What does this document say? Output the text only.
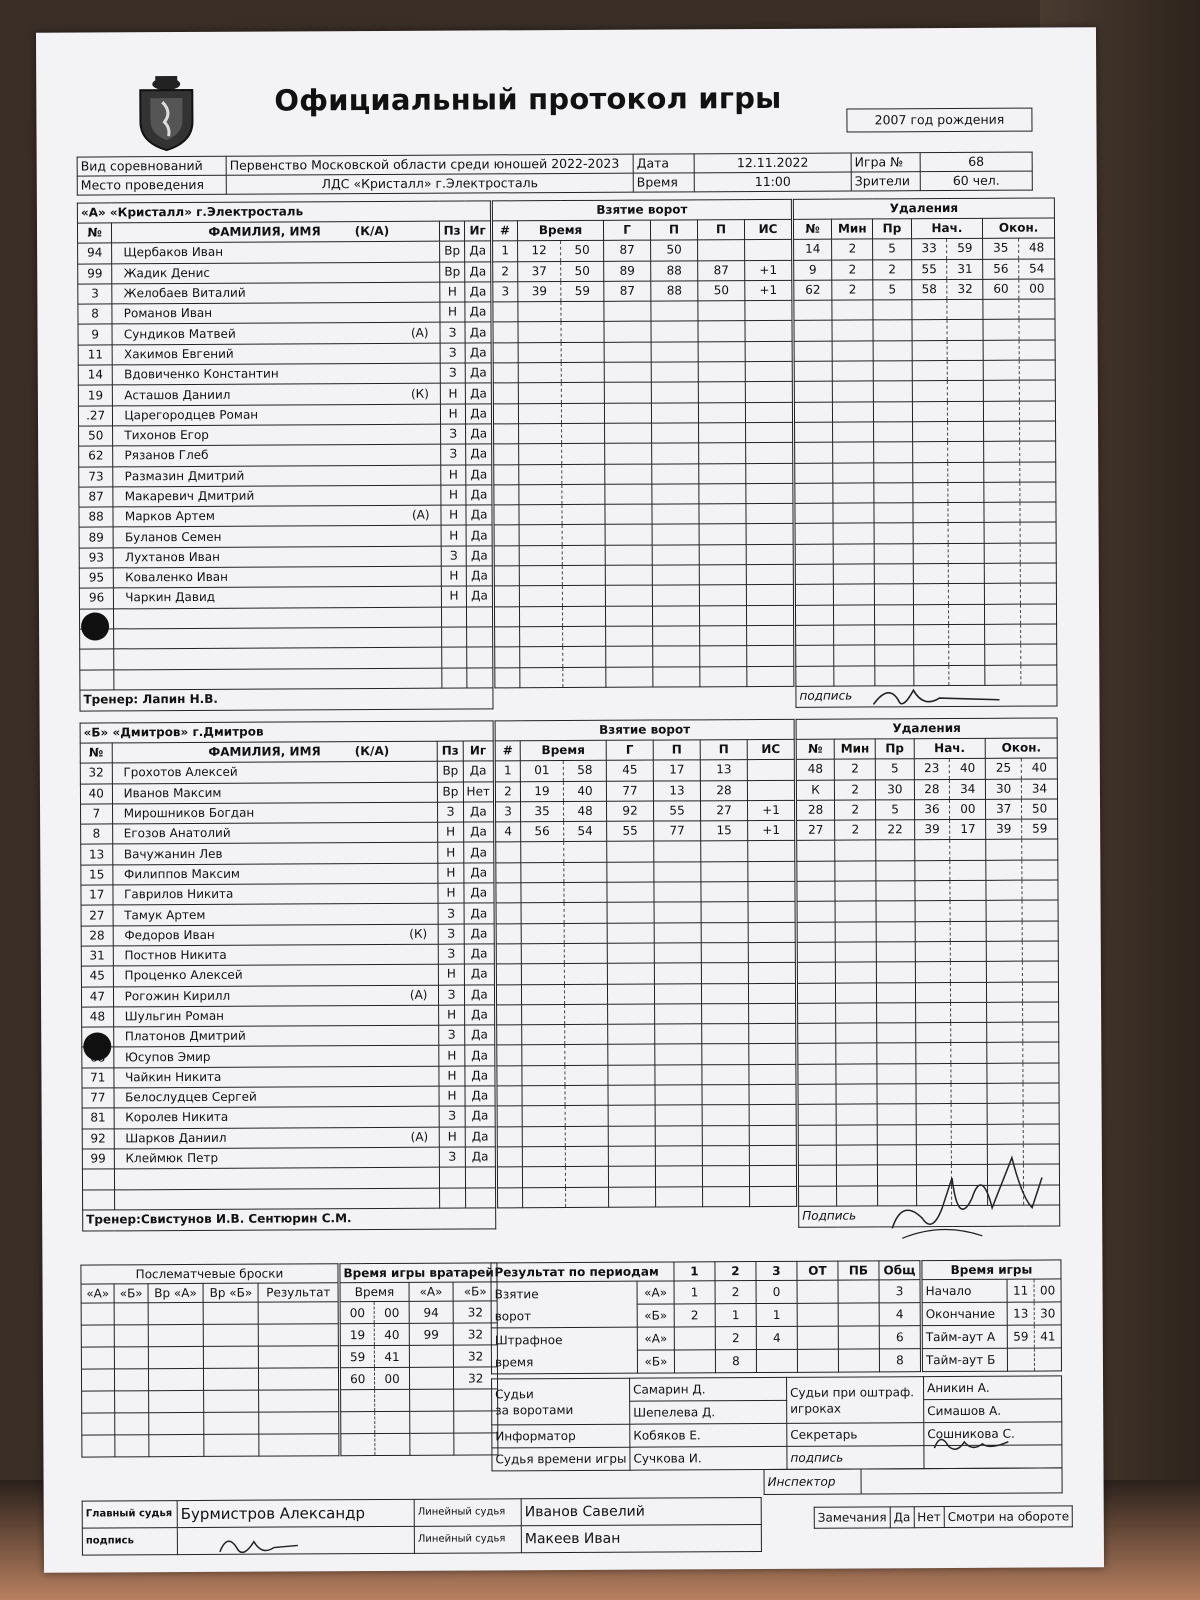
Официальный протокол игры
2007 год рождения
Вид соревнований	Первенство Московской области среди юношей 2022-2023	Дата	12.11.2022	Игра №	68
Место проведения	ЛДС «Кристалл» г.Электросталь	Время	11:00	Зрители	60 чел.
«А» «Кристалл» г.Электросталь			
№	ФАМИЛИЯ, ИМЯ (К/А)	Пз	Иг
94	Щербаков Иван	Вр	Да
99	Жадик Денис	Вр	Да
3	Желобаев Виталий	Н	Да
8	Романов Иван	Н	Да
9	Сундиков Матвей (А)	З	Да
11	Хакимов Евгений	З	Да
14	Вдовиченко Константин	З	Да
19	Асташов Даниил (К)	Н	Да
.27	Царегородцев Роман	Н	Да
50	Тихонов Егор	З	Да
62	Рязанов Глеб	З	Да
73	Размазин Дмитрий	Н	Да
87	Макаревич Дмитрий	Н	Да
88	Марков Артем (А)	Н	Да
89	Буланов Семен	Н	Да
93	Лухтанов Иван	З	Да
95	Коваленко Иван	Н	Да
96	Чаркин Давид	Н	Да

Тренер: Лапин Н.В.			
Взятие ворот						
#	Время		Г	П	П	ИС
1	12	50	87	50		
2	37	50	89	88	87	+1
3	39	59	87	88	50	+1

Удаления						
№	Мин	Пр	Нач.		Окон.	
14	2	5	33	59	35	48
9	2	2	55	31	56	54
62	2	5	58	32	60	00

подпись						
«Б» «Дмитров» г.Дмитров			
№	ФАМИЛИЯ, ИМЯ (К/А)	Пз	Иг
32	Грохотов Алексей	Вр	Да
40	Иванов Максим	Вр	Нет
7	Мирошников Богдан	З	Да
8	Егозов Анатолий	Н	Да
13	Вачужанин Лев	Н	Да
15	Филиппов Максим	Н	Да
17	Гаврилов Никита	Н	Да
27	Тамук Артем	З	Да
28	Федоров Иван (К)	З	Да
31	Постнов Никита	З	Да
45	Проценко Алексей	Н	Да
47	Рогожин Кирилл (А)	З	Да
48	Шульгин Роман	Н	Да
	Платонов Дмитрий	З	Да
	Юсупов Эмир	Н	Да
71	Чайкин Никита	Н	Да
77	Белослудцев Сергей	Н	Да
81	Королев Никита	З	Да
92	Шарков Даниил (А)	Н	Да
99	Клеймюк Петр	З	Да

Тренер:Свистунов И.В. Сентюрин С.М.			
Взятие ворот						
#	Время		Г	П	П	ИС
1	01	58	45	17	13	
2	19	40	77	13	28	
3	35	48	92	55	27	+1
4	56	54	55	77	15	+1

Удаления						
№	Мин	Пр	Нач.		Окон.	
48	2	5	23	40	25	40
К	2	30	28	34	30	34
28	2	5	36	00	37	50
27	2	22	39	17	39	59

Подпись						
Послематчевые броски				
«А»	«Б»	Вр «А»	Вр «Б»	Результат

Время игры вратарей			
Время		«А»	«Б»
00	00	94	32
19	40	99	32
59	41		32
60	00		32

Результат по периодам		1	2	3	ОТ	ПБ	Общ
Взятие
ворот	«А»	1	2	0			3
	«Б»	2	1	1			4
Штрафное
время	«А»		2	4			6
	«Б»		8				8
Время игры		
Начало	11	00
Окончание	13	30
Тайм-аут А	59	41
Тайм-аут Б		
Судьи
за воротами	Самарин Д.	Судьи при оштраф. игроках	Аникин А.
	Шепелева Д.		Симашов А.
Информатор	Кобяков Е.	Секретарь	Сошникова С.
Судья времени игры	Сучкова И.	подпись	
Инспектор	
Главный судья	Бурмистров Александр	Линейный судья	Иванов Савелий
подпись		Линейный судья	Макеев Иван
Замечания	Да	Нет	Смотри на обороте
